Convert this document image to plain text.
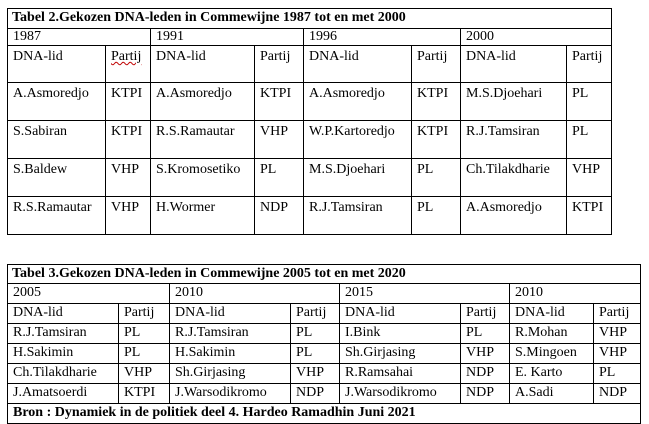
Tabel 2.Gekozen DNA-leden in Commewijne 1987 tot en met 2000							
1987		1991		1996		2000	
DNA-lid	Partij	DNA-lid	Partij	DNA-lid	Partij	DNA-lid	Partij
A.Asmoredjo	KTPI	A.Asmoredjo	KTPI	A.Asmoredjo	KTPI	M.S.Djoehari	PL
S.Sabiran	KTPI	R.S.Ramautar	VHP	W.P.Kartoredjo	KTPI	R.J.Tamsiran	PL
S.Baldew	VHP	S.Kromosetiko	PL	M.S.Djoehari	PL	Ch.Tilakdharie	VHP
R.S.Ramautar	VHP	H.Wormer	NDP	R.J.Tamsiran	PL	A.Asmoredjo	KTPI
Tabel 3.Gekozen DNA-leden in Commewijne 2005 tot en met 2020							
2005		2010		2015		2010	
DNA-lid	Partij	DNA-lid	Partij	DNA-lid	Partij	DNA-lid	Partij
R.J.Tamsiran	PL	R.J.Tamsiran	PL	I.Bink	PL	R.Mohan	VHP
H.Sakimin	PL	H.Sakimin	PL	Sh.Girjasing	VHP	S.Mingoen	VHP
Ch.Tilakdharie	VHP	Sh.Girjasing	VHP	R.Ramsahai	NDP	E. Karto	PL
J.Amatsoerdi	KTPI	J.Warsodikromo	NDP	J.Warsodikromo	NDP	A.Sadi	NDP
Bron : Dynamiek in de politiek deel 4. Hardeo Ramadhin Juni 2021							
